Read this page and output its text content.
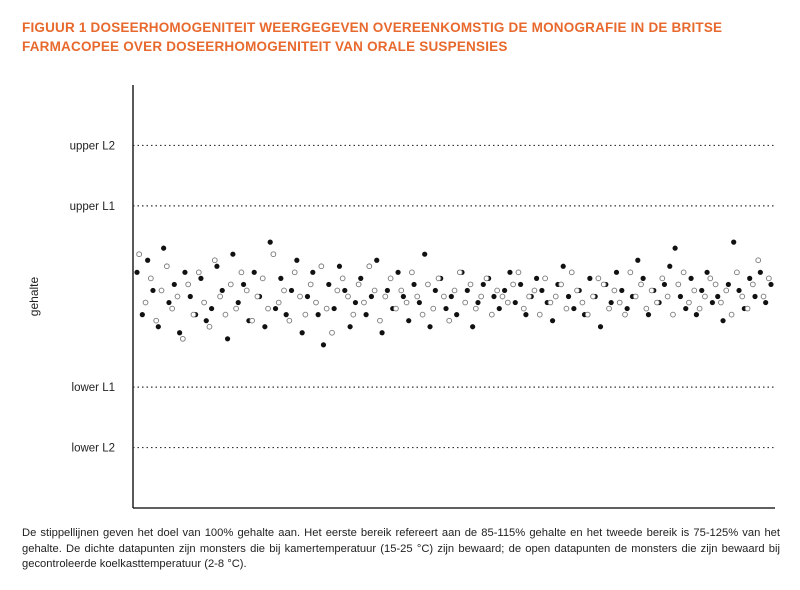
FIGUUR 1 DOSEERHOMOGENITEIT WEERGEGEVEN OVEREENKOMSTIG DE MONOGRAFIE IN DE BRITSE FARMACOPEE OVER DOSEERHOMOGENITEIT VAN ORALE SUSPENSIES
upper L2
upper L1
lower L1
lower L2
gehalte

De stippellijnen geven het doel van 100% gehalte aan. Het eerste bereik refereert aan de 85-115% gehalte en het tweede bereik is 75-125% van het gehalte. De dichte datapunten zijn monsters die bij kamertemperatuur (15-25 °C) zijn bewaard; de open datapunten de monsters die zijn bewaard bij gecontroleerde koelkasttemperatuur (2-8 °C).
